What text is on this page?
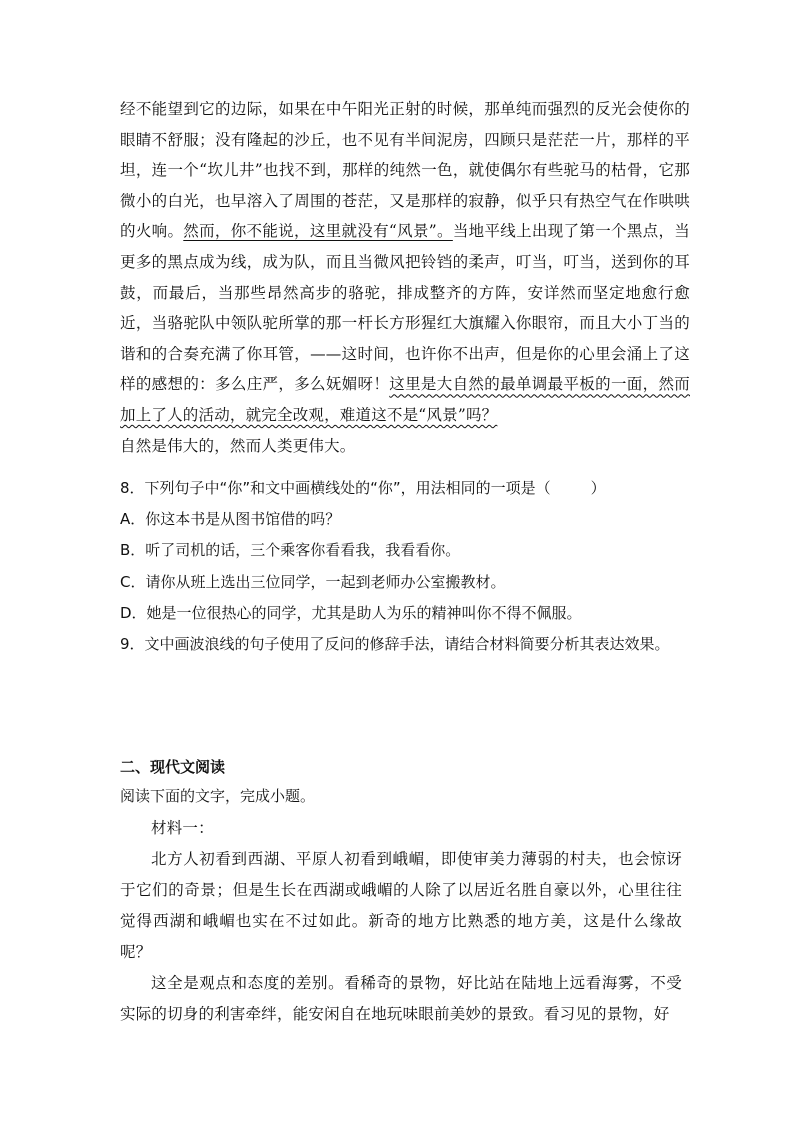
经不能望到它的边际，如果在中午阳光正射的时候，那单纯而强烈的反光会使你的眼睛不舒服；没有隆起的沙丘，也不见有半间泥房，四顾只是茫茫一片，那样的平坦，连一个“坎儿井”也找不到，那样的纯然一色，就使偶尔有些驼马的枯骨，它那微小的白光，也早溶入了周围的苍茫，又是那样的寂静，似乎只有热空气在作哄哄的火响。然而，你不能说，这里就没有“风景”。当地平线上出现了第一个黑点，当更多的黑点成为线，成为队，而且当微风把铃铛的柔声，叮当，叮当，送到你的耳鼓，而最后，当那些昂然高步的骆驼，排成整齐的方阵，安详然而坚定地愈行愈近，当骆驼队中领队驼所掌的那一杆长方形猩红大旗耀入你眼帘，而且大小丁当的谐和的合奏充满了你耳管，——这时间，也许你不出声，但是你的心里会涌上了这样的感想的：多么庄严，多么妩媚呀！这里是大自然的最单调最平板的一面，然而加上了人的活动，就完全改观，难道这不是“风景”吗？

自然是伟大的，然而人类更伟大。

8．下列句子中“你”和文中画横线处的“你”，用法相同的一项是（	）
A．你这本书是从图书馆借的吗？
B．听了司机的话，三个乘客你看看我，我看看你。
C．请你从班上选出三位同学，一起到老师办公室搬教材。
D．她是一位很热心的同学，尤其是助人为乐的精神叫你不得不佩服。
9．文中画波浪线的句子使用了反问的修辞手法，请结合材料简要分析其表达效果。
二、现代文阅读
阅读下面的文字，完成小题。

材料一：

北方人初看到西湖、平原人初看到峨嵋，即使审美力薄弱的村夫，也会惊讶于它们的奇景；但是生长在西湖或峨嵋的人除了以居近名胜自豪以外，心里往往觉得西湖和峨嵋也实在不过如此。新奇的地方比熟悉的地方美，这是什么缘故呢？

这全是观点和态度的差别。看稀奇的景物，好比站在陆地上远看海雾，不受实际的切身的利害牵绊，能安闲自在地玩味眼前美妙的景致。看习见的景物，好
